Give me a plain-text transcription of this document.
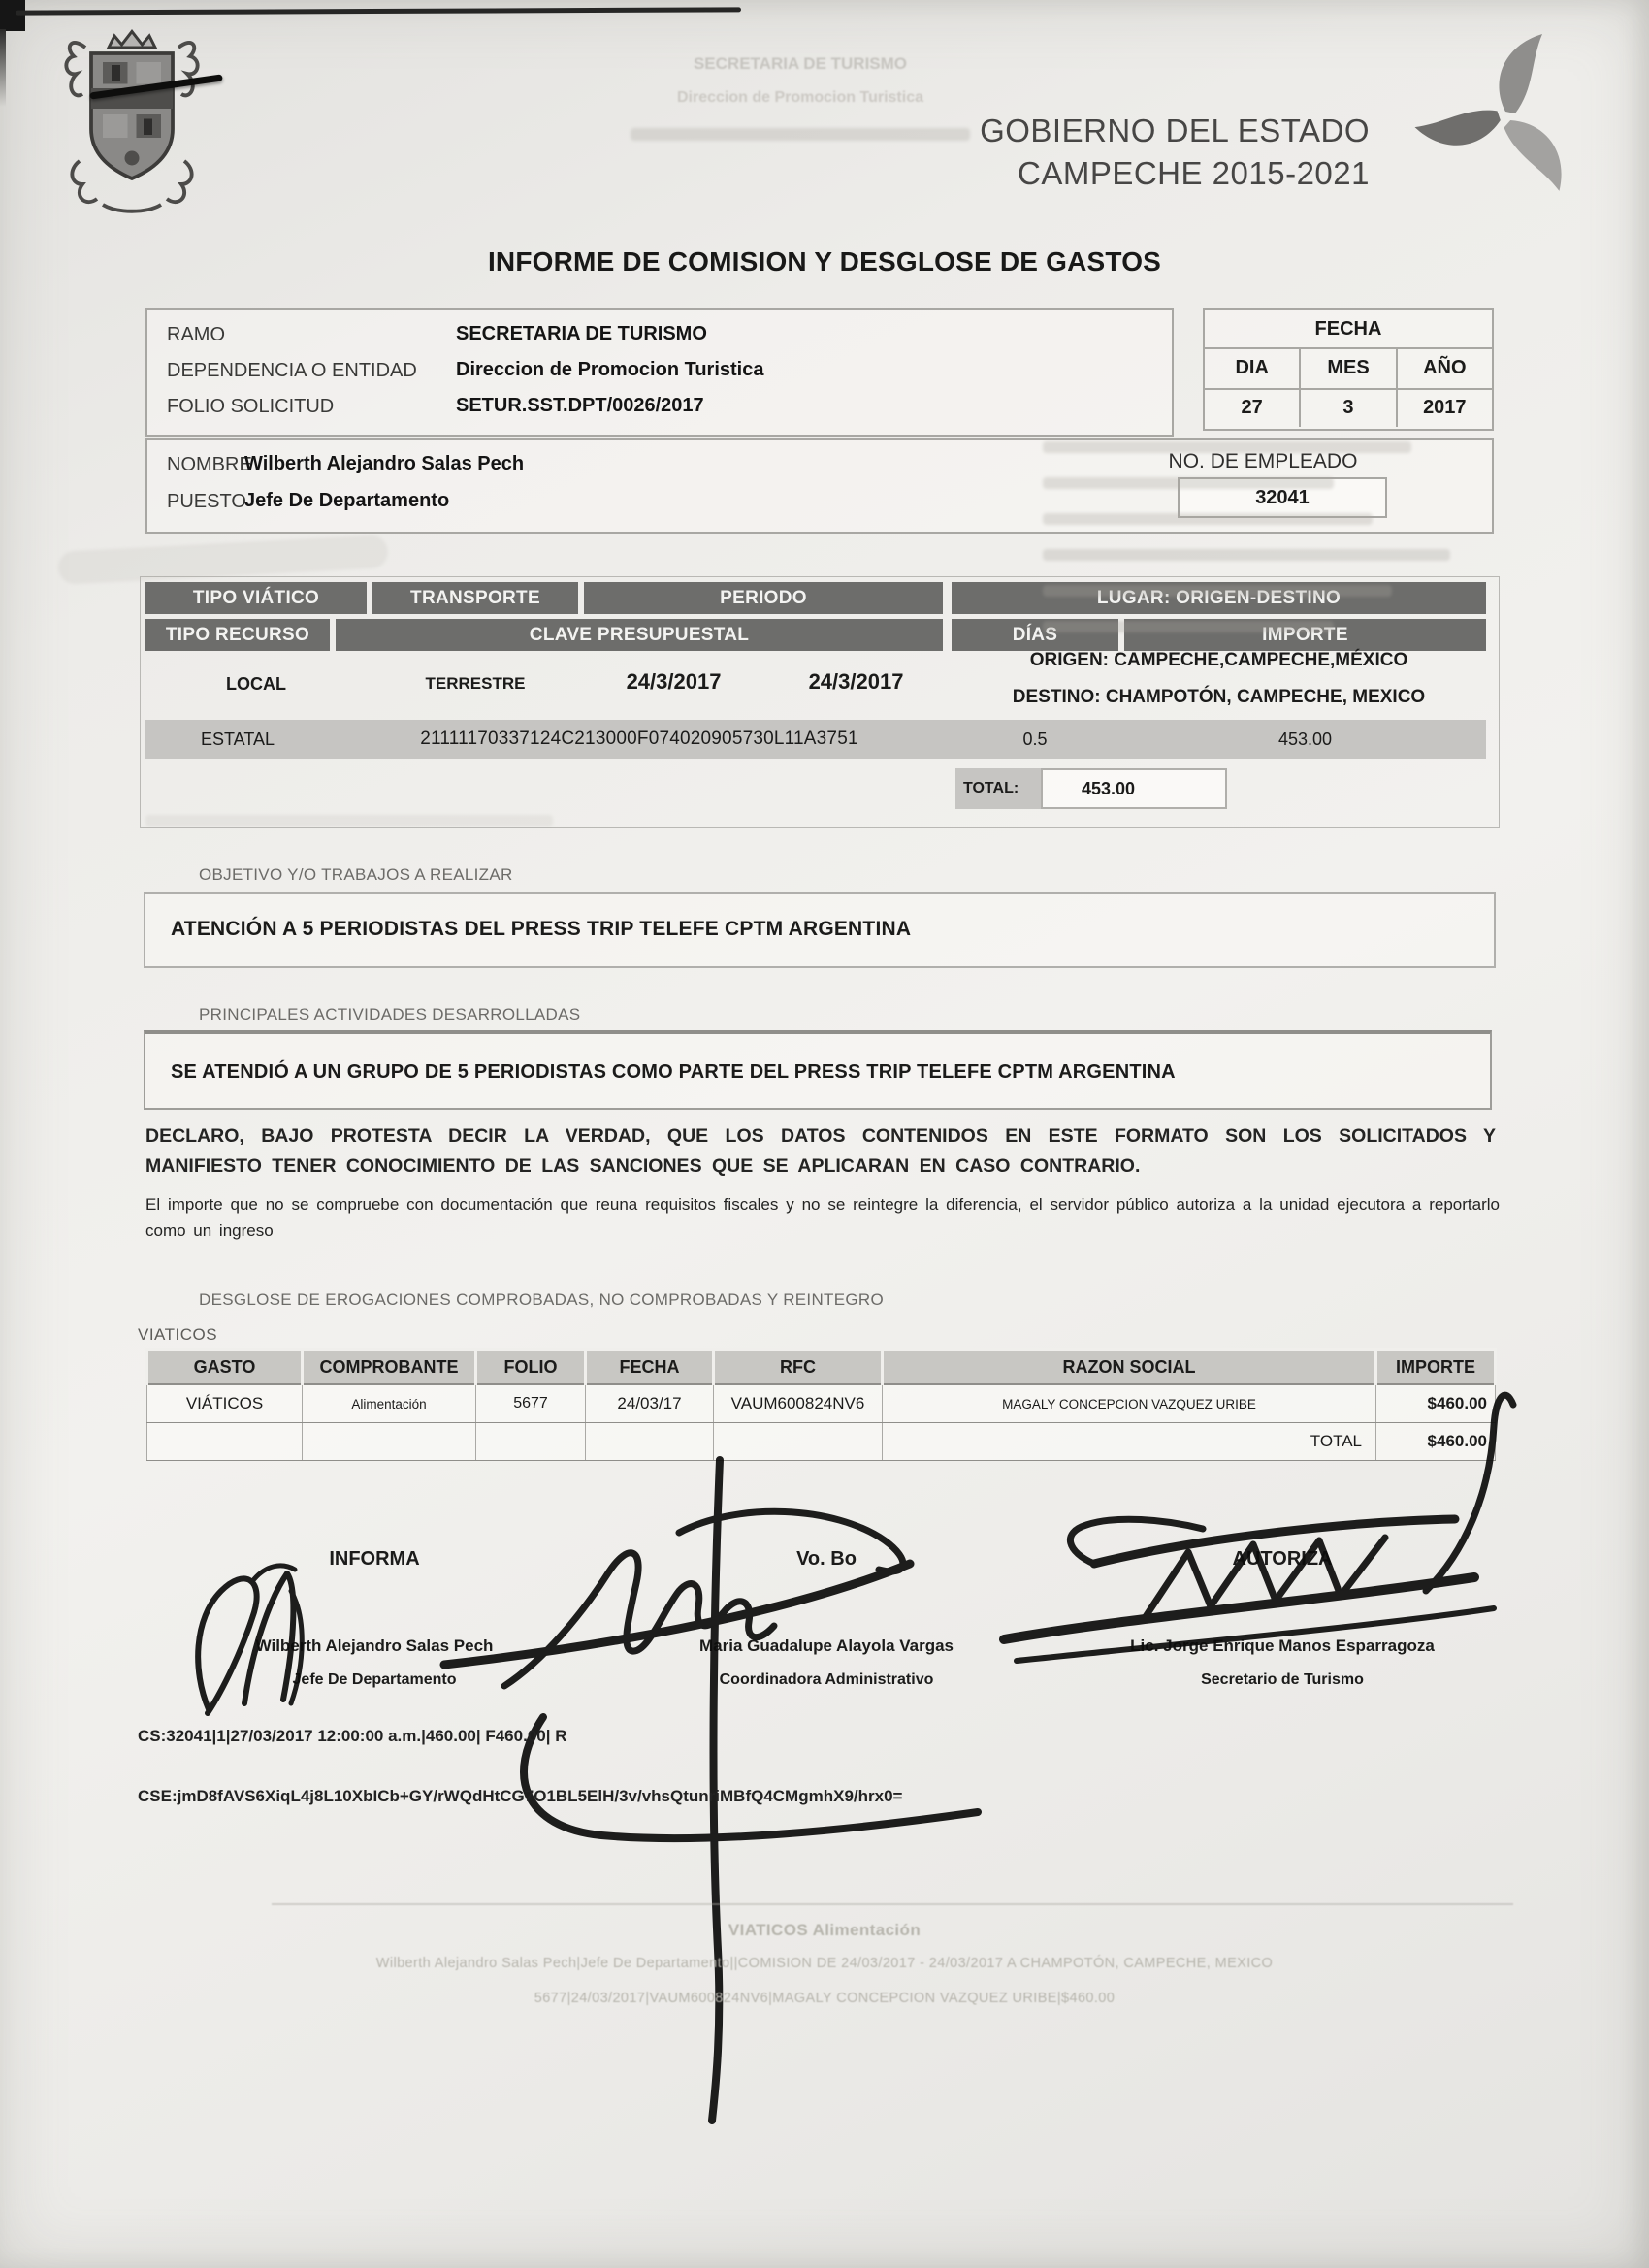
SECRETARIA DE TURISMO
Direccion de Promocion Turistica
GOBIERNO DEL ESTADO
CAMPECHE 2015-2021
INFORME DE COMISION Y DESGLOSE DE GASTOS
RAMO	SECRETARIA DE TURISMO
DEPENDENCIA O ENTIDAD Direccion de Promocion Turistica
FOLIO SOLICITUD	SETUR.SST.DPT/0026/2017
FECHA
DIA	MES	AÑO
27	3	2017
NOMBRE
Wilberth Alejandro Salas Pech
PUESTO
Jefe De Departamento
NO. DE EMPLEADO
32041
TIPO VIÁTICO	TRANSPORTE	PERIODO	LUGAR: ORIGEN-DESTINO
TIPO RECURSO	CLAVE PRESUPUESTAL	DÍAS	IMPORTE
LOCAL	TERRESTRE	24/3/2017	24/3/2017
ORIGEN: CAMPECHE,CAMPECHE,MÉXICO
DESTINO: CHAMPOTÓN, CAMPECHE, MEXICO
ESTATAL	21111170337124C213000F074020905730L11A3751	0.5	453.00
TOTAL:	453.00
OBJETIVO Y/O TRABAJOS A REALIZAR
ATENCIÓN A 5 PERIODISTAS DEL PRESS TRIP TELEFE CPTM ARGENTINA
PRINCIPALES ACTIVIDADES DESARROLLADAS
SE ATENDIÓ A UN GRUPO DE 5 PERIODISTAS COMO PARTE DEL PRESS TRIP TELEFE CPTM ARGENTINA
DECLARO, BAJO PROTESTA DECIR LA VERDAD, QUE LOS DATOS CONTENIDOS EN ESTE FORMATO SON LOS SOLICITADOS Y MANIFIESTO TENER CONOCIMIENTO DE LAS SANCIONES QUE SE APLICARAN EN CASO CONTRARIO.
El importe que no se compruebe con documentación que reuna requisitos fiscales y no se reintegre la diferencia, el servidor público autoriza a la unidad ejecutora a reportarlo como un ingreso
DESGLOSE DE EROGACIONES COMPROBADAS, NO COMPROBADAS Y REINTEGRO
VIATICOS
GASTO	COMPROBANTE	FOLIO	FECHA	RFC	RAZON SOCIAL	IMPORTE
VIÁTICOS	Alimentación	5677	24/03/17	VAUM600824NV6	MAGALY CONCEPCION VAZQUEZ URIBE	$460.00
					TOTAL	$460.00
INFORMA
Wilberth Alejandro Salas Pech
Jefe De Departamento
Vo. Bo
Maria Guadalupe Alayola Vargas
Coordinadora Administrativo
AUTORIZA
Lic. Jorge Enrique Manos Esparragoza
Secretario de Turismo
CS:32041|1|27/03/2017 12:00:00 a.m.|460.00| F460.00| R
CSE:jmD8fAVS6XiqL4j8L10XbICb+GY/rWQdHtCG7O1BL5ElH/3v/vhsQtunriMBfQ4CMgmhX9/hrx0=
VIATICOS Alimentación
Wilberth Alejandro Salas Pech|Jefe De Departamento||COMISION DE 24/03/2017 - 24/03/2017 A CHAMPOTÓN, CAMPECHE, MEXICO
5677|24/03/2017|VAUM600824NV6|MAGALY CONCEPCION VAZQUEZ URIBE|$460.00
